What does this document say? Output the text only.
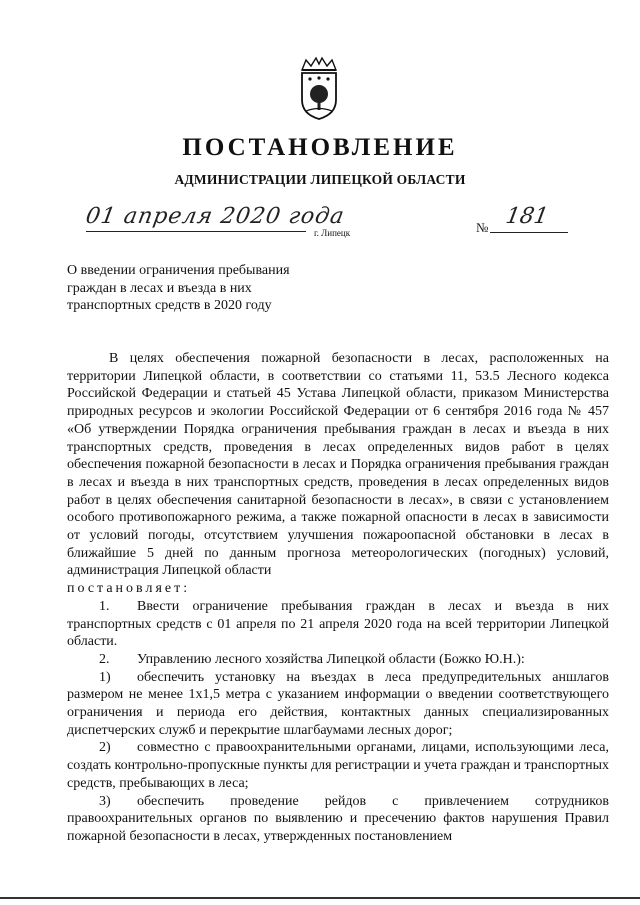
ПОСТАНОВЛЕНИЕ
АДМИНИСТРАЦИИ ЛИПЕЦКОЙ ОБЛАСТИ
01 апреля 2020 года
г. Липецк	№ 181
О введении ограничения пребывания
граждан в лесах и въезда в них
транспортных средств в 2020 году

В целях обеспечения пожарной безопасности в лесах, расположенных на территории Липецкой области, в соответствии со статьями 11, 53.5 Лесного кодекса Российской Федерации и статьей 45 Устава Липецкой области, приказом Министерства природных ресурсов и экологии Российской Федерации от 6 сентября 2016 года № 457 «Об утверждении Порядка ограничения пребывания граждан в лесах и въезда в них транспортных средств, проведения в лесах определенных видов работ в целях обеспечения пожарной безопасности в лесах и Порядка ограничения пребывания граждан в лесах и въезда в них транспортных средств, проведения в лесах определенных видов работ в целях обеспечения санитарной безопасности в лесах», в связи с установлением особого противопожарного режима, а также пожарной опасности в лесах в зависимости от условий погоды, отсутствием улучшения пожароопасной обстановки в лесах в ближайшие 5 дней по данным прогноза метеорологических (погодных) условий, администрация Липецкой области

постановляет:

1. Ввести ограничение пребывания граждан в лесах и въезда в них транспортных средств с 01 апреля по 21 апреля 2020 года на всей территории Липецкой области.

2. Управлению лесного хозяйства Липецкой области (Божко Ю.Н.):

1) обеспечить установку на въездах в леса предупредительных аншлагов размером не менее 1х1,5 метра с указанием информации о введении соответствующего ограничения и периода его действия, контактных данных специализированных диспетчерских служб и перекрытие шлагбаумами лесных дорог;

2) совместно с правоохранительными органами, лицами, использующими леса, создать контрольно-пропускные пункты для регистрации и учета граждан и транспортных средств, пребывающих в леса;

3) обеспечить проведение рейдов с привлечением сотрудников правоохранительных органов по выявлению и пресечению фактов нарушения Правил пожарной безопасности в лесах, утвержденных постановлением
